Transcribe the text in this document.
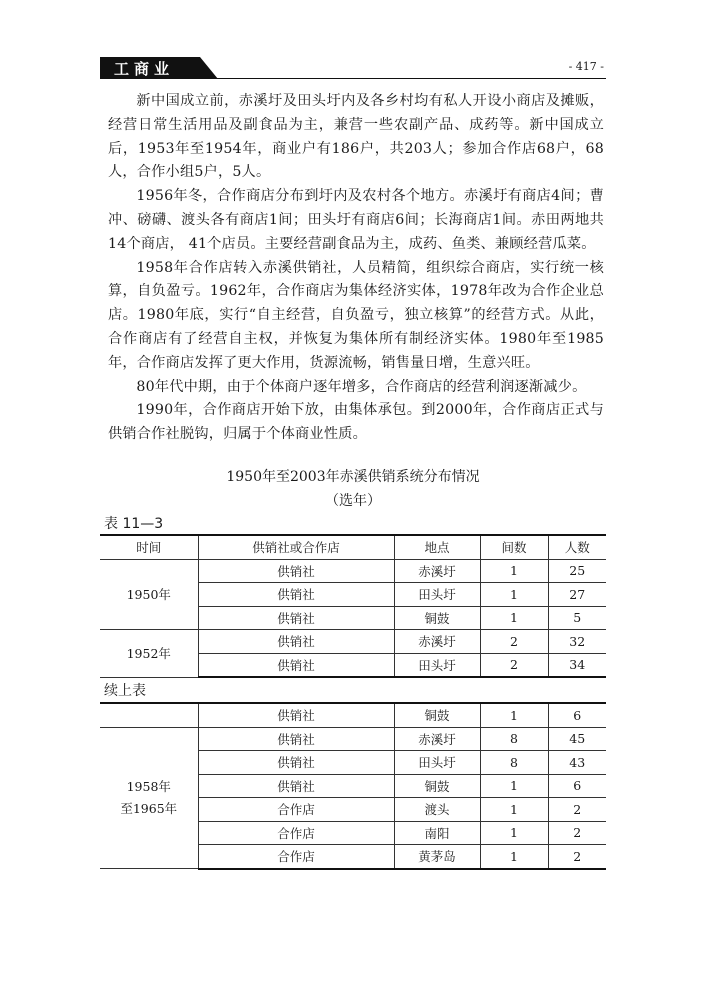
工商业	- 417 -

新中国成立前，赤溪圩及田头圩内及各乡村均有私人开设小商店及摊贩，经营日常生活用品及副食品为主，兼营一些农副产品、成药等。新中国成立后，1953年至1954年，商业户有186户，共203人；参加合作店68户，68人，合作小组5户，5人。

1956年冬，合作商店分布到圩内及农村各个地方。赤溪圩有商店4间；曹冲、磅礴、渡头各有商店1间；田头圩有商店6间；长海商店1间。赤田两地共14个商店， 41个店员。主要经营副食品为主，成药、鱼类、兼顾经营瓜菜。

1958年合作店转入赤溪供销社，人员精简，组织综合商店，实行统一核算，自负盈亏。1962年，合作商店为集体经济实体，1978年改为合作企业总店。1980年底，实行“自主经营，自负盈亏，独立核算”的经营方式。从此，合作商店有了经营自主权，并恢复为集体所有制经济实体。1980年至1985年，合作商店发挥了更大作用，货源流畅，销售量日增，生意兴旺。

80年代中期，由于个体商户逐年增多，合作商店的经营利润逐渐减少。

1990年，合作商店开始下放，由集体承包。到2000年，合作商店正式与供销合作社脱钩，归属于个体商业性质。

1950年至2003年赤溪供销系统分布情况
（选年）
表 11—3
时间	供销社或合作店	地点	间数	人数
1950年	供销社	赤溪圩	1	25
	供销社	田头圩	1	27
	供销社	铜鼓	1	5
1952年	供销社	赤溪圩	2	32
	供销社	田头圩	2	34
续上表
	供销社	铜鼓	1	6

1958年
至1965年	供销社	赤溪圩	8	45
	供销社	田头圩	8	43
	供销社	铜鼓	1	6
	合作店	渡头	1	2
	合作店	南阳	1	2
	合作店	黄茅岛	1	2
